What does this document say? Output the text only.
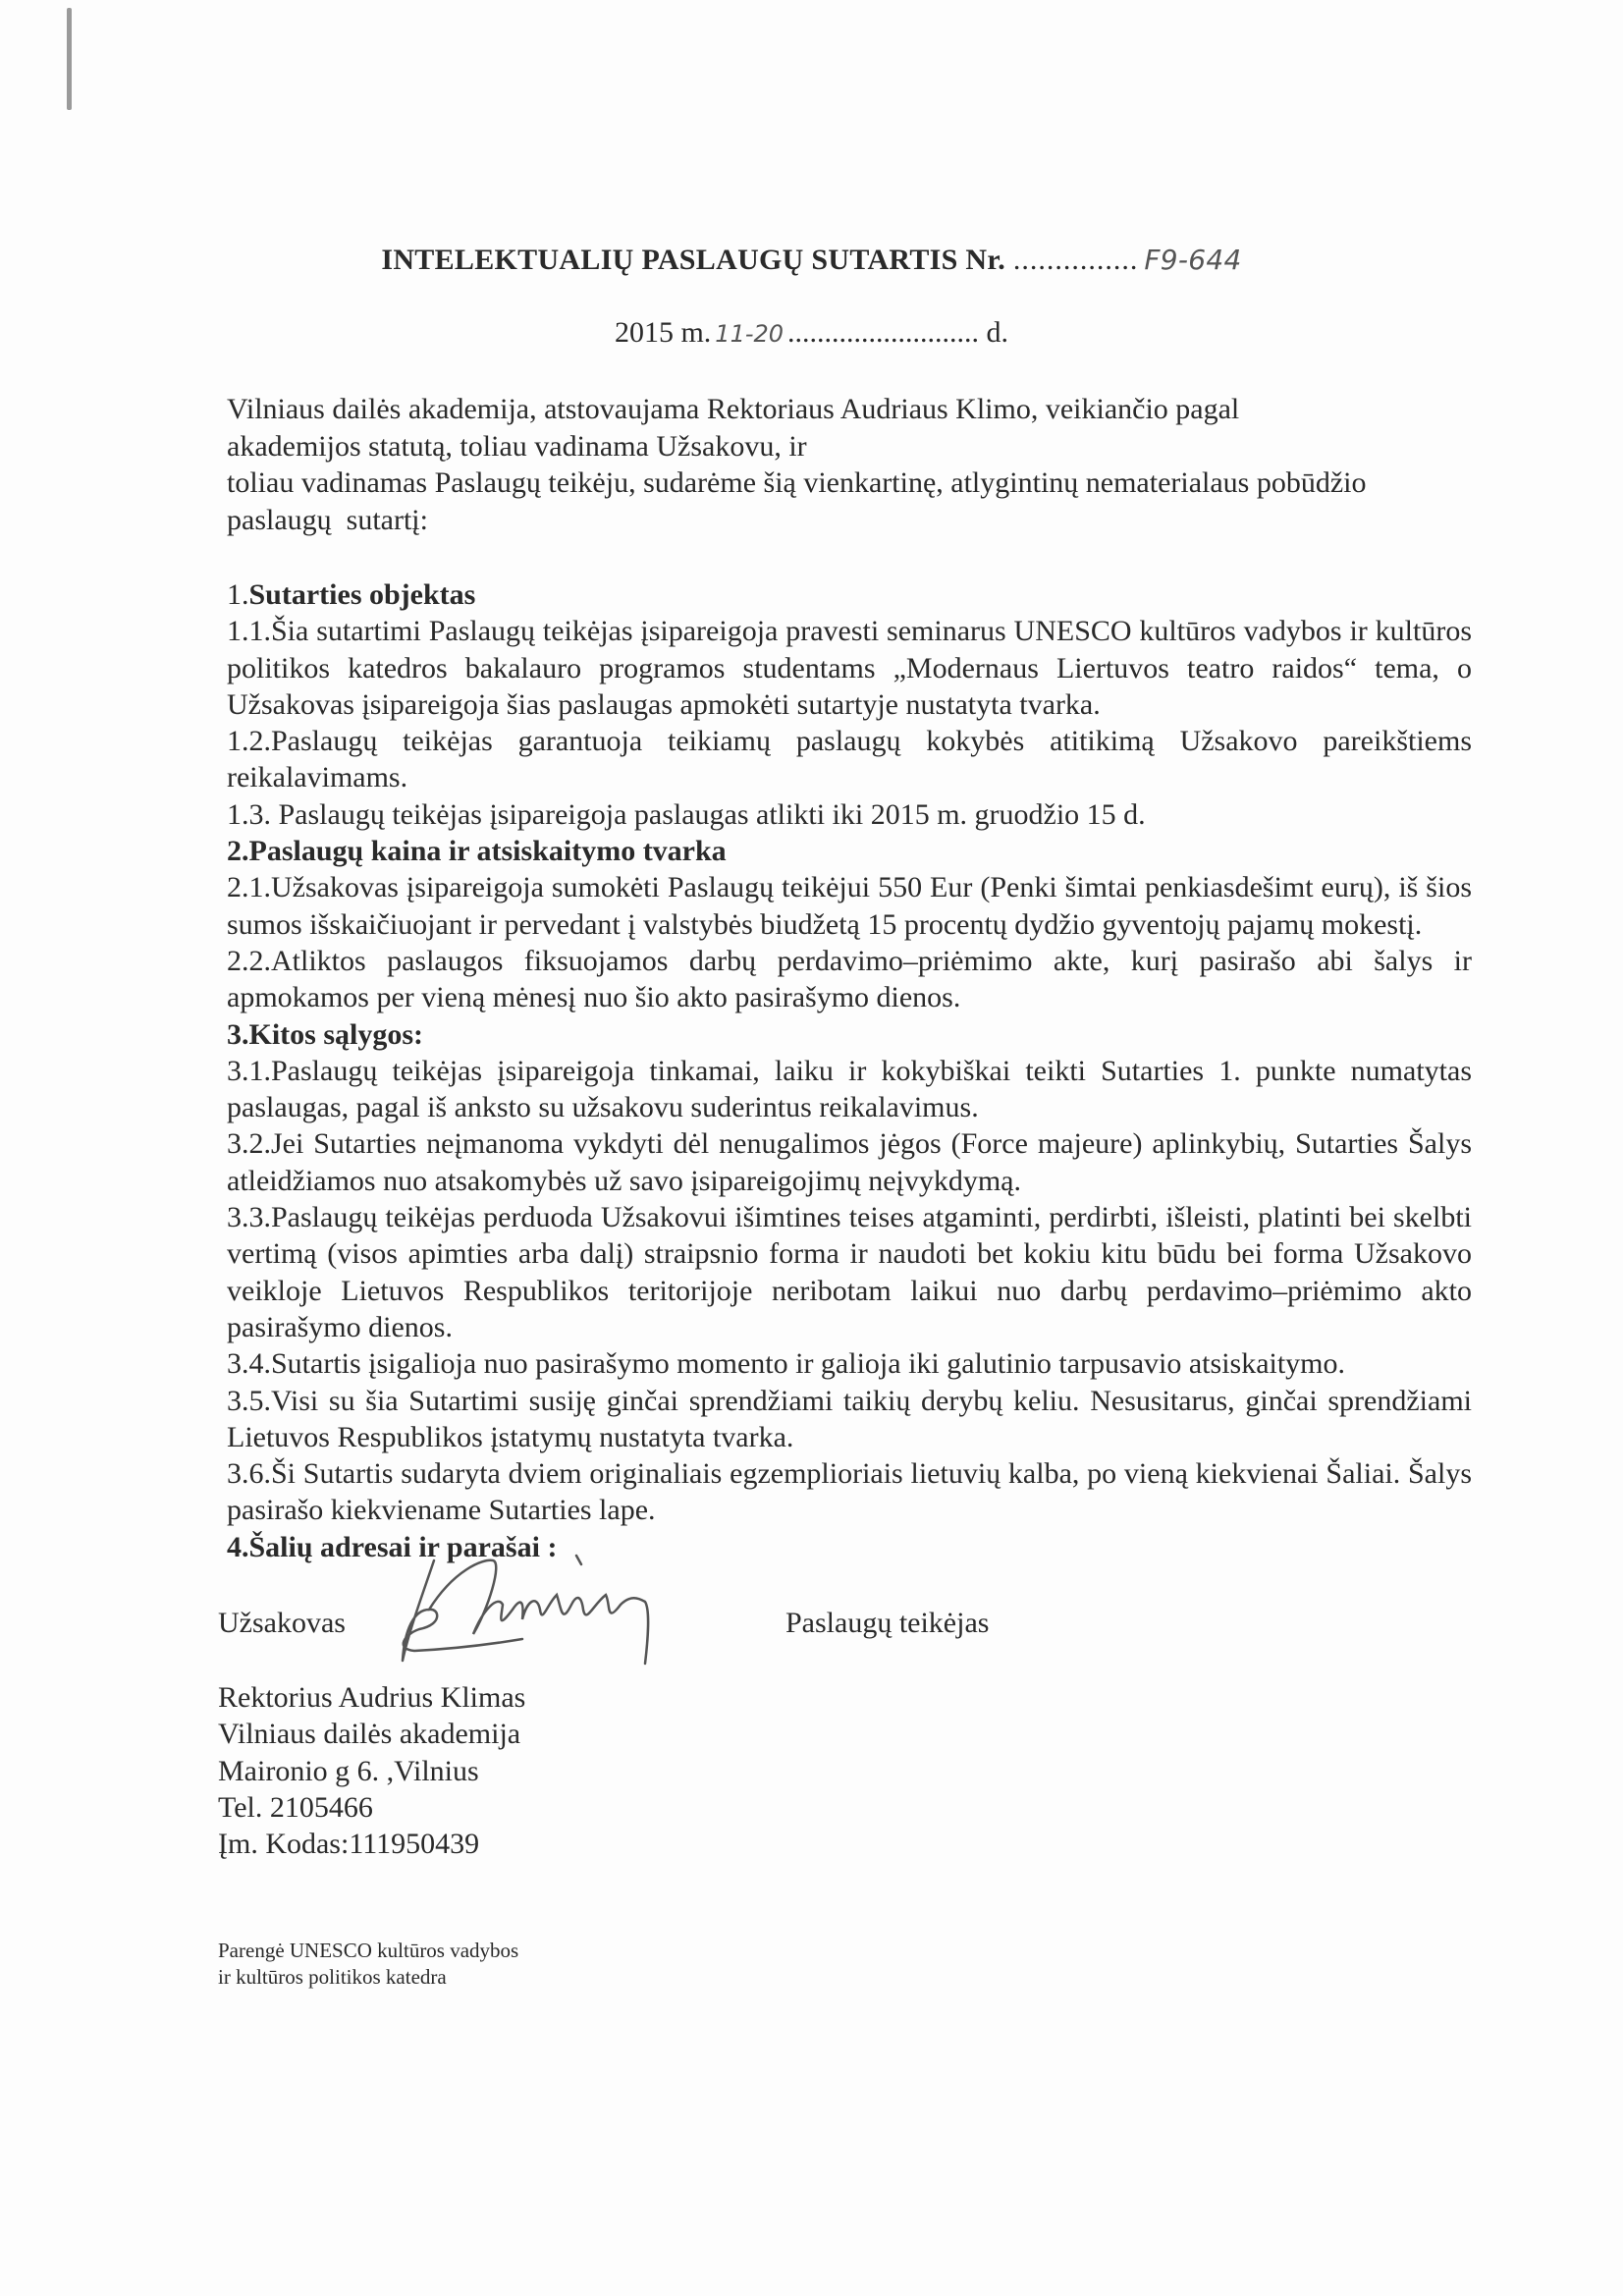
INTELEKTUALIŲ PASLAUGŲ SUTARTIS Nr. ............... F9-644
2015 m. 11-20 .......................... d.
Vilniaus dailės akademija, atstovaujama Rektoriaus Audriaus Klimo, veikiančio pagal
akademijos statutą, toliau vadinama Užsakovu, ir
toliau vadinamas Paslaugų teikėju, sudarėme šią vienkartinę, atlygintinų nematerialaus pobūdžio
paslaugų  sutartį:
1.Sutarties objektas

1.1.Šia sutartimi Paslaugų teikėjas įsipareigoja pravesti seminarus UNESCO kultūros vadybos ir kultūros politikos katedros bakalauro programos studentams „Modernaus Liertuvos teatro raidos“ tema, o Užsakovas įsipareigoja šias paslaugas apmokėti sutartyje nustatyta tvarka.

1.2.Paslaugų teikėjas garantuoja teikiamų paslaugų kokybės atitikimą Užsakovo pareikštiems reikalavimams.

1.3. Paslaugų teikėjas įsipareigoja paslaugas atlikti iki 2015 m. gruodžio 15 d.

2.Paslaugų kaina ir atsiskaitymo tvarka

2.1.Užsakovas įsipareigoja sumokėti Paslaugų teikėjui 550 Eur (Penki šimtai penkiasdešimt eurų), iš šios sumos išskaičiuojant ir pervedant į valstybės biudžetą 15 procentų dydžio gyventojų pajamų mokestį.

2.2.Atliktos paslaugos fiksuojamos darbų perdavimo–priėmimo akte, kurį pasirašo abi šalys ir apmokamos per vieną mėnesį nuo šio akto pasirašymo dienos.

3.Kitos sąlygos:

3.1.Paslaugų teikėjas įsipareigoja tinkamai, laiku ir kokybiškai teikti Sutarties 1. punkte numatytas paslaugas, pagal iš anksto su užsakovu suderintus reikalavimus.

3.2.Jei Sutarties neįmanoma vykdyti dėl nenugalimos jėgos (Force majeure) aplinkybių, Sutarties Šalys atleidžiamos nuo atsakomybės už savo įsipareigojimų neįvykdymą.

3.3.Paslaugų teikėjas perduoda Užsakovui išimtines teises atgaminti, perdirbti, išleisti, platinti bei skelbti vertimą (visos apimties arba dalį) straipsnio forma ir naudoti bet kokiu kitu būdu bei forma Užsakovo veikloje Lietuvos Respublikos teritorijoje neribotam laikui nuo darbų perdavimo–priėmimo akto pasirašymo dienos.

3.4.Sutartis įsigalioja nuo pasirašymo momento ir galioja iki galutinio tarpusavio atsiskaitymo.

3.5.Visi su šia Sutartimi susiję ginčai sprendžiami taikių derybų keliu. Nesusitarus, ginčai sprendžiami Lietuvos Respublikos įstatymų nustatyta tvarka.

3.6.Ši Sutartis sudaryta dviem originaliais egzemplioriais lietuvių kalba, po vieną kiekvienai Šaliai. Šalys pasirašo kiekviename Sutarties lape.

4.Šalių adresai ir parašai :
Užsakovas	Paslaugų teikėjas
Rektorius Audrius Klimas
Vilniaus dailės akademija
Maironio g 6. ,Vilnius
Tel. 2105466
Įm. Kodas:111950439
Parengė UNESCO kultūros vadybos
ir kultūros politikos katedra
